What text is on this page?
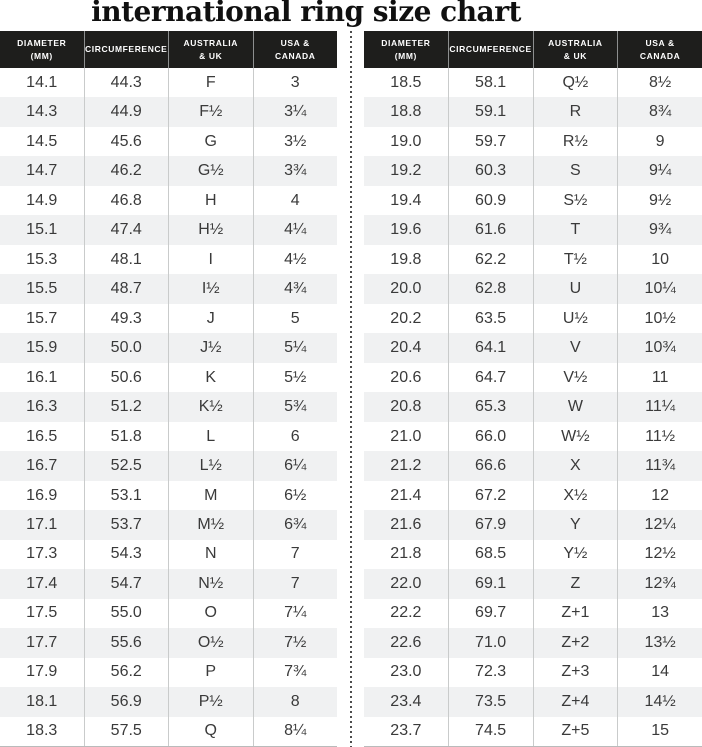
international ring size chart
DIAMETER
(MM)
CIRCUMFERENCE
AUSTRALIA
& UK
USA &
CANADA
14.1	44.3	F	3
14.3	44.9	F½	3¼
14.5	45.6	G	3½
14.7	46.2	G½	3¾
14.9	46.8	H	4
15.1	47.4	H½	4¼
15.3	48.1	I	4½
15.5	48.7	I½	4¾
15.7	49.3	J	5
15.9	50.0	J½	5¼
16.1	50.6	K	5½
16.3	51.2	K½	5¾
16.5	51.8	L	6
16.7	52.5	L½	6¼
16.9	53.1	M	6½
17.1	53.7	M½	6¾
17.3	54.3	N	7
17.4	54.7	N½	7
17.5	55.0	O	7¼
17.7	55.6	O½	7½
17.9	56.2	P	7¾
18.1	56.9	P½	8
18.3	57.5	Q	8¼
DIAMETER
(MM)
CIRCUMFERENCE
AUSTRALIA
& UK
USA &
CANADA
18.5	58.1	Q½	8½
18.8	59.1	R	8¾
19.0	59.7	R½	9
19.2	60.3	S	9¼
19.4	60.9	S½	9½
19.6	61.6	T	9¾
19.8	62.2	T½	10
20.0	62.8	U	10¼
20.2	63.5	U½	10½
20.4	64.1	V	10¾
20.6	64.7	V½	11
20.8	65.3	W	11¼
21.0	66.0	W½	11½
21.2	66.6	X	11¾
21.4	67.2	X½	12
21.6	67.9	Y	12¼
21.8	68.5	Y½	12½
22.0	69.1	Z	12¾
22.2	69.7	Z+1	13
22.6	71.0	Z+2	13½
23.0	72.3	Z+3	14
23.4	73.5	Z+4	14½
23.7	74.5	Z+5	15
